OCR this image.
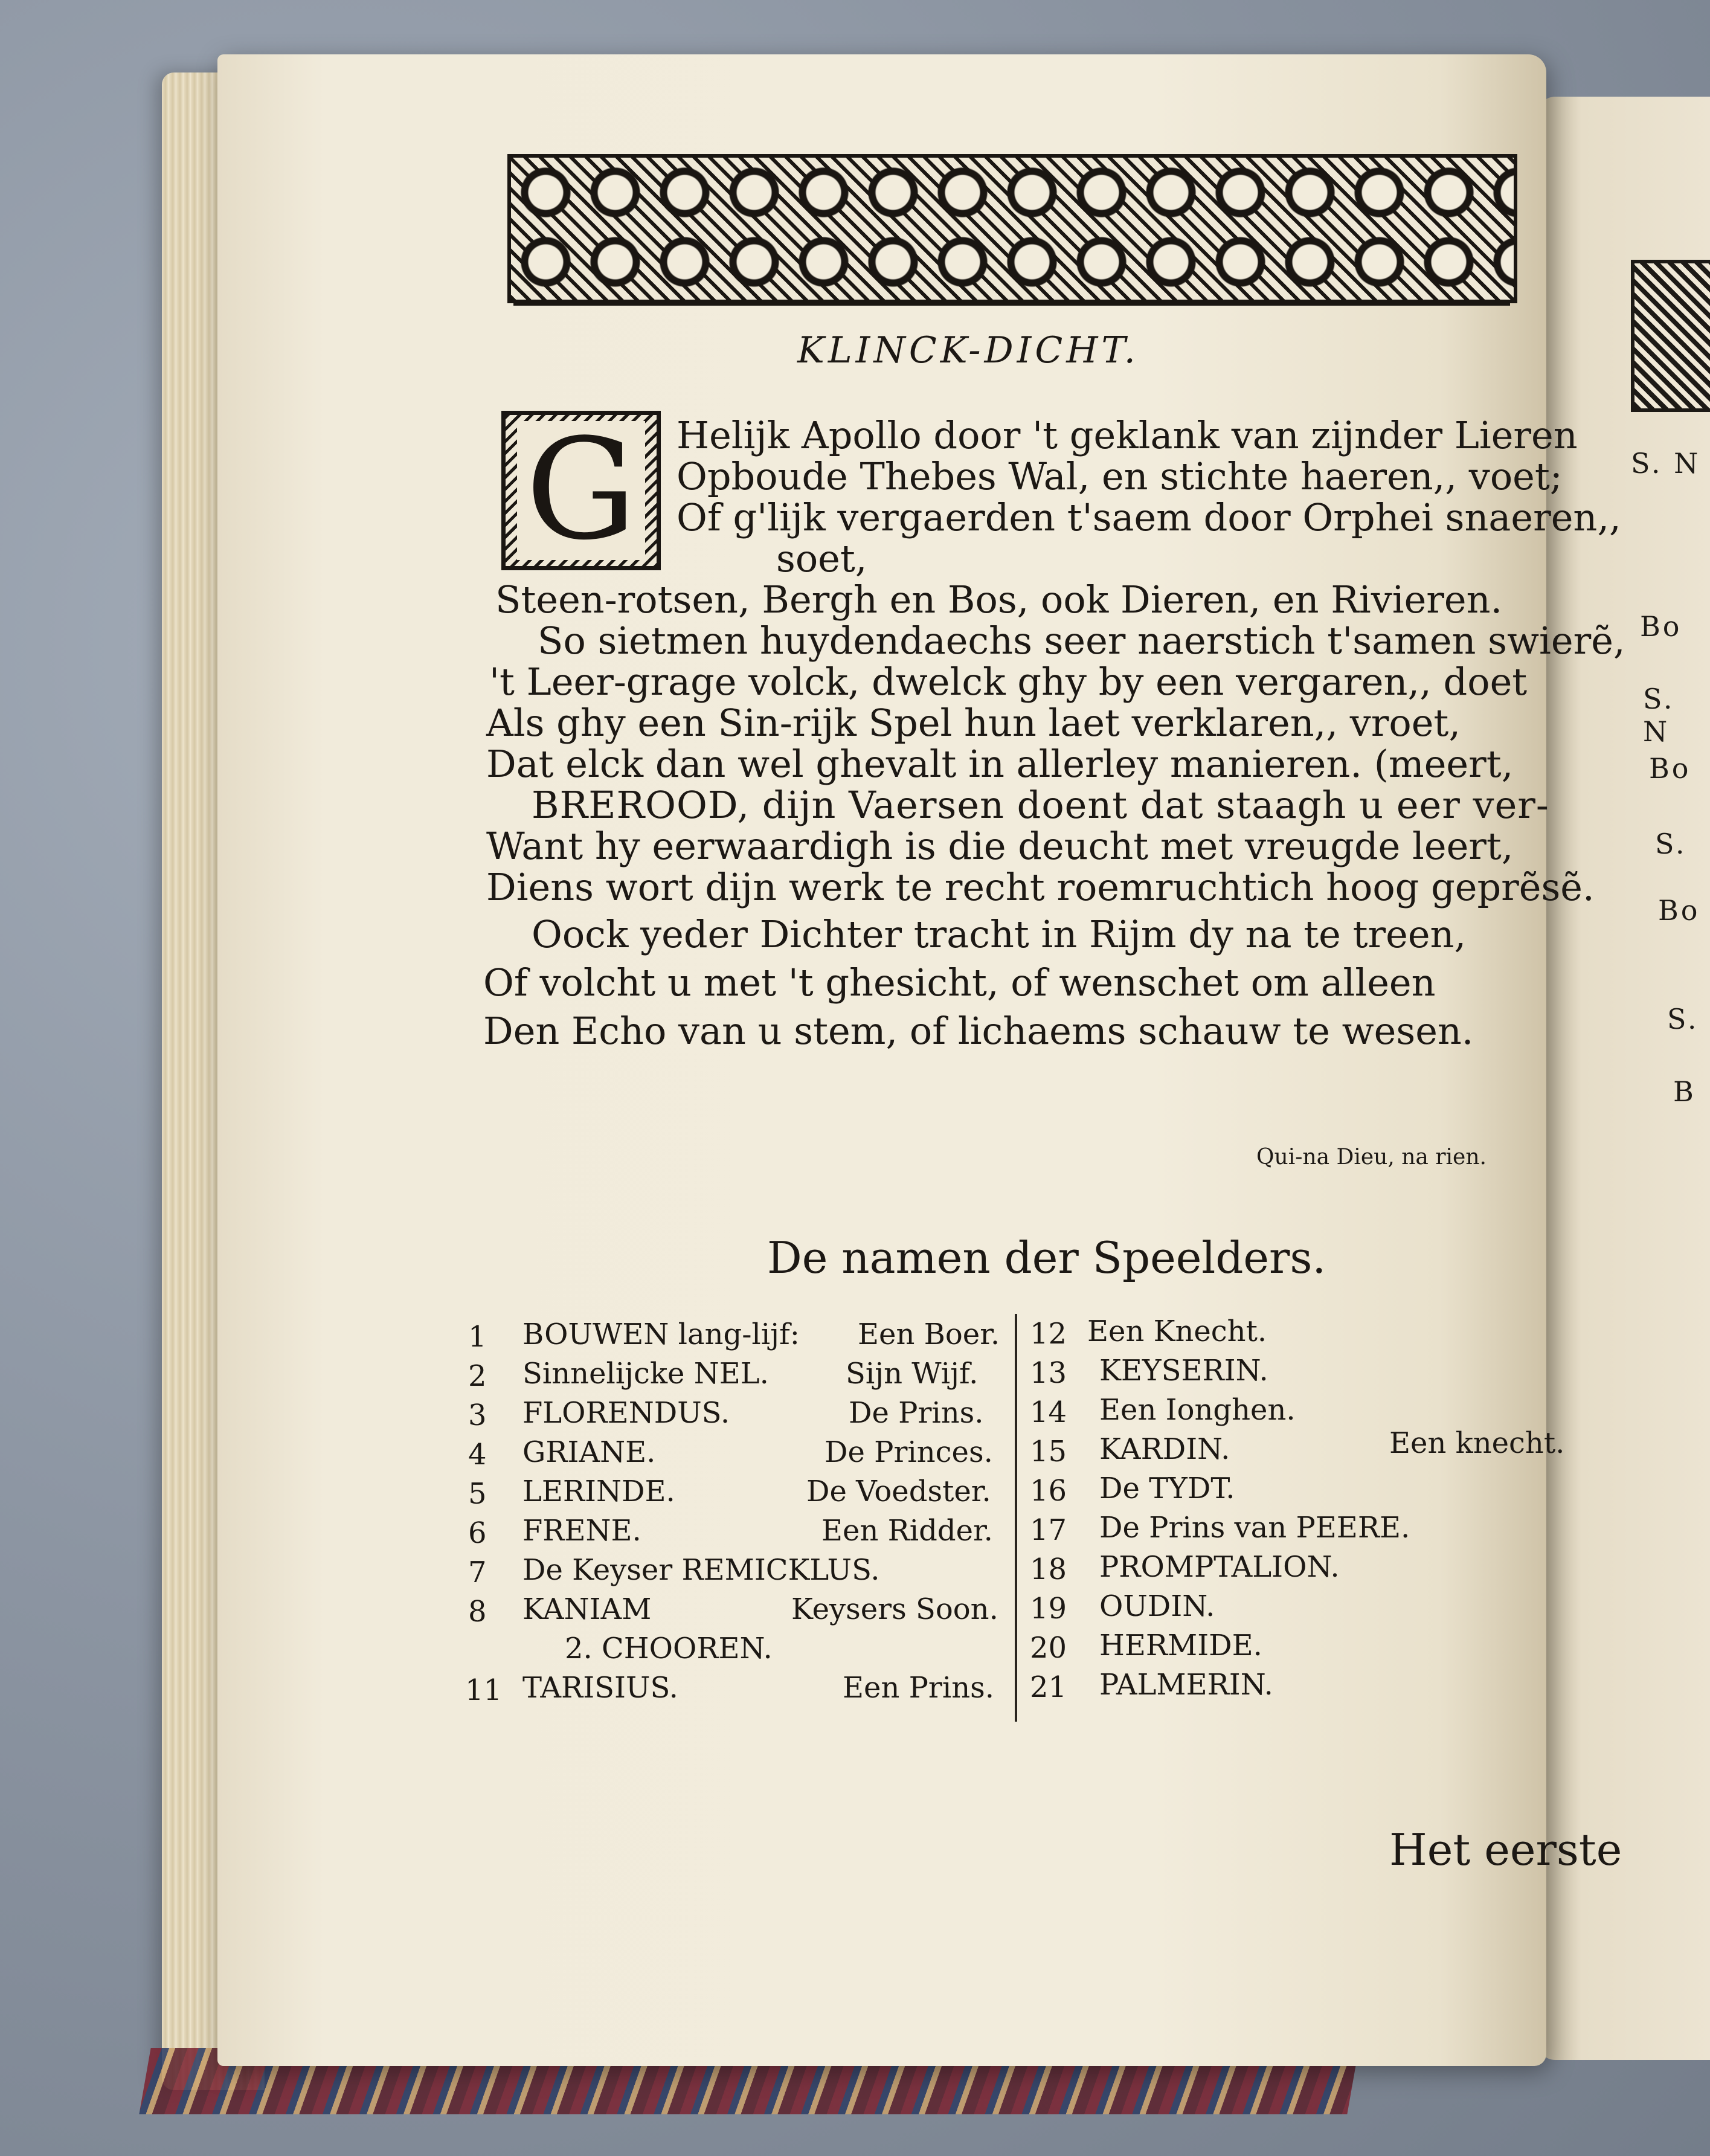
S. N
Bo
S. N
Bo
S.
Bo
S.
B
KLINCK-DICHT.
G Helijk Apollo door 't geklank van zijnder Lieren
Opboude Thebes Wal, en stichte haeren,, voet;
Of g'lijk vergaerden t'saem door Orphei snaeren,,
soet,
Steen-rotsen, Bergh en Bos, ook Dieren, en Rivieren.
So sietmen huydendaechs seer naerstich t'samen swierẽ,
't Leer-grage volck, dwelck ghy by een vergaren,, doet
Als ghy een Sin-rijk Spel hun laet verklaren,, vroet,
Dat elck dan wel ghevalt in allerley manieren. (meert,
BREROOD, dijn Vaersen doent dat staagh u eer ver-
Want hy eerwaardigh is die deucht met vreugde leert,
Diens wort dijn werk te recht roemruchtich hoog geprẽsẽ.
Oock yeder Dichter tracht in Rijm dy na te treen,
Of volcht u met 't ghesicht, of wenschet om alleen
Den Echo van u stem, of lichaems schauw te wesen.
Qui-na Dieu, na rien.
De namen der Speelders.
1 BOUWEN lang-lijf: Een Boer.
2 Sinnelijcke NEL.	Sijn Wijf.
3 FLORENDUS.	De Prins.
4 GRIANE.	De Princes.
5 LERINDE.	De Voedster.
6 FRENE.	Een Ridder.
7 De Keyser REMICKLUS.
8 KANIAM	Keysers Soon.
2. CHOOREN.
11 TARISIUS.	Een Prins.
12 Een Knecht.
13 KEYSERIN.
14 Een Ionghen.
15 KARDIN.	Een knecht.
16 De TYDT.
17 De Prins van PEERE.
18 PROMPTALION.
19 OUDIN.
20 HERMIDE.
21 PALMERIN.
Het eerste
